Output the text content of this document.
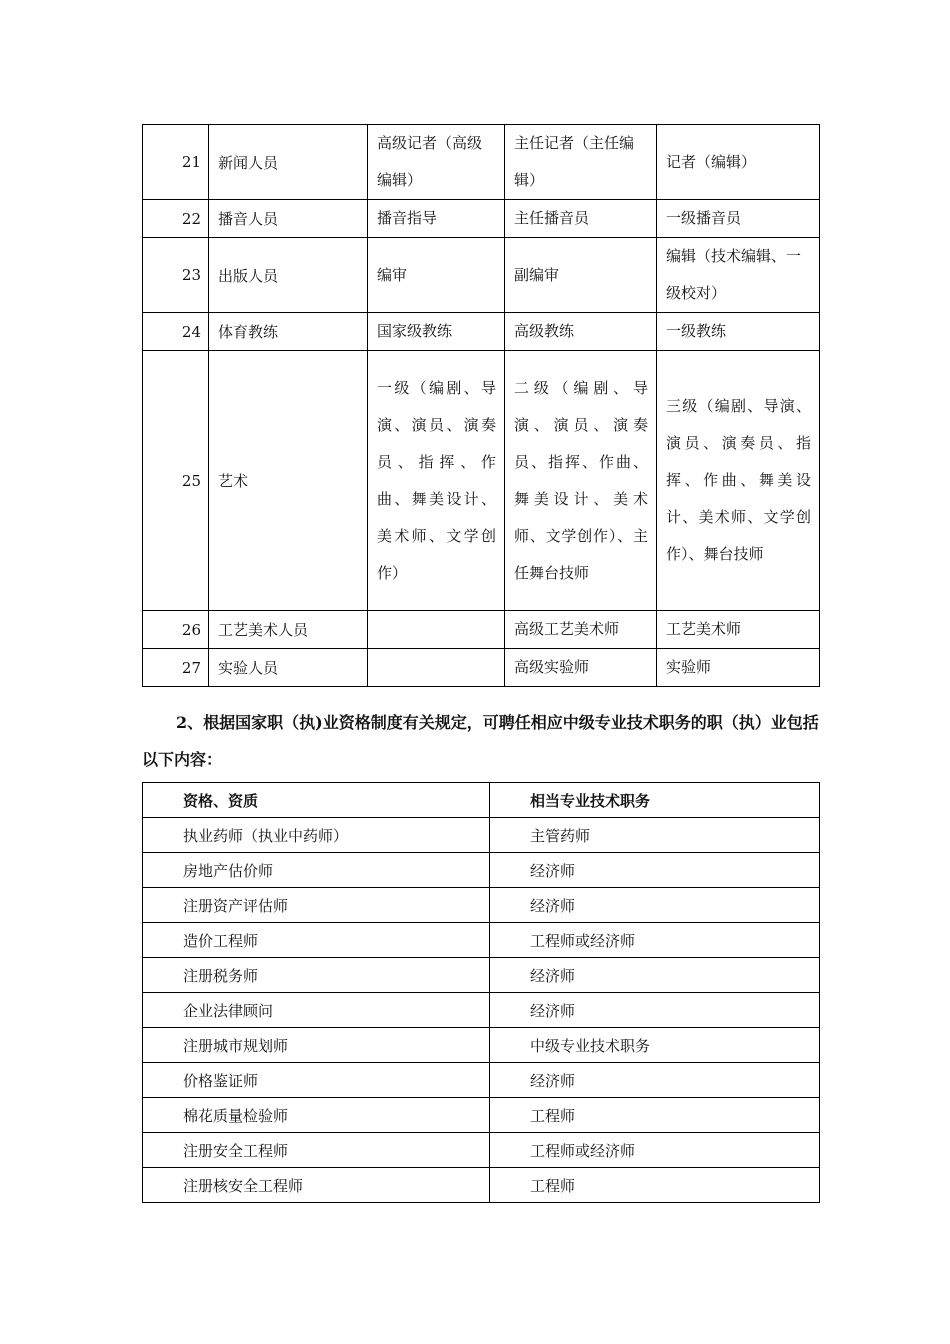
21	新闻人员	高级记者（高级编辑）	主任记者（主任编辑）	记者（编辑）
22	播音人员	播音指导	主任播音员	一级播音员
23	出版人员	编审	副编审	编辑（技术编辑、一级校对）
24	体育教练	国家级教练	高级教练	一级教练
25	艺术	一级（编剧、导演、演员、演奏员、指挥、作曲、舞美设计、美术师、文学创作）	二级（编剧、导演、演员、演奏员、指挥、作曲、舞美设计、美术师、文学创作）、主任舞台技师	三级（编剧、导演、演员、演奏员、指挥、作曲、舞美设计、美术师、文学创作）、舞台技师
26	工艺美术人员		高级工艺美术师	工艺美术师
27	实验人员		高级实验师	实验师
2、根据国家职（执)业资格制度有关规定，可聘任相应中级专业技术职务的职（执）业包括以下内容：
资格、资质	相当专业技术职务
执业药师（执业中药师）	主管药师
房地产估价师	经济师
注册资产评估师	经济师
造价工程师	工程师或经济师
注册税务师	经济师
企业法律顾问	经济师
注册城市规划师	中级专业技术职务
价格鉴证师	经济师
棉花质量检验师	工程师
注册安全工程师	工程师或经济师
注册核安全工程师	工程师
